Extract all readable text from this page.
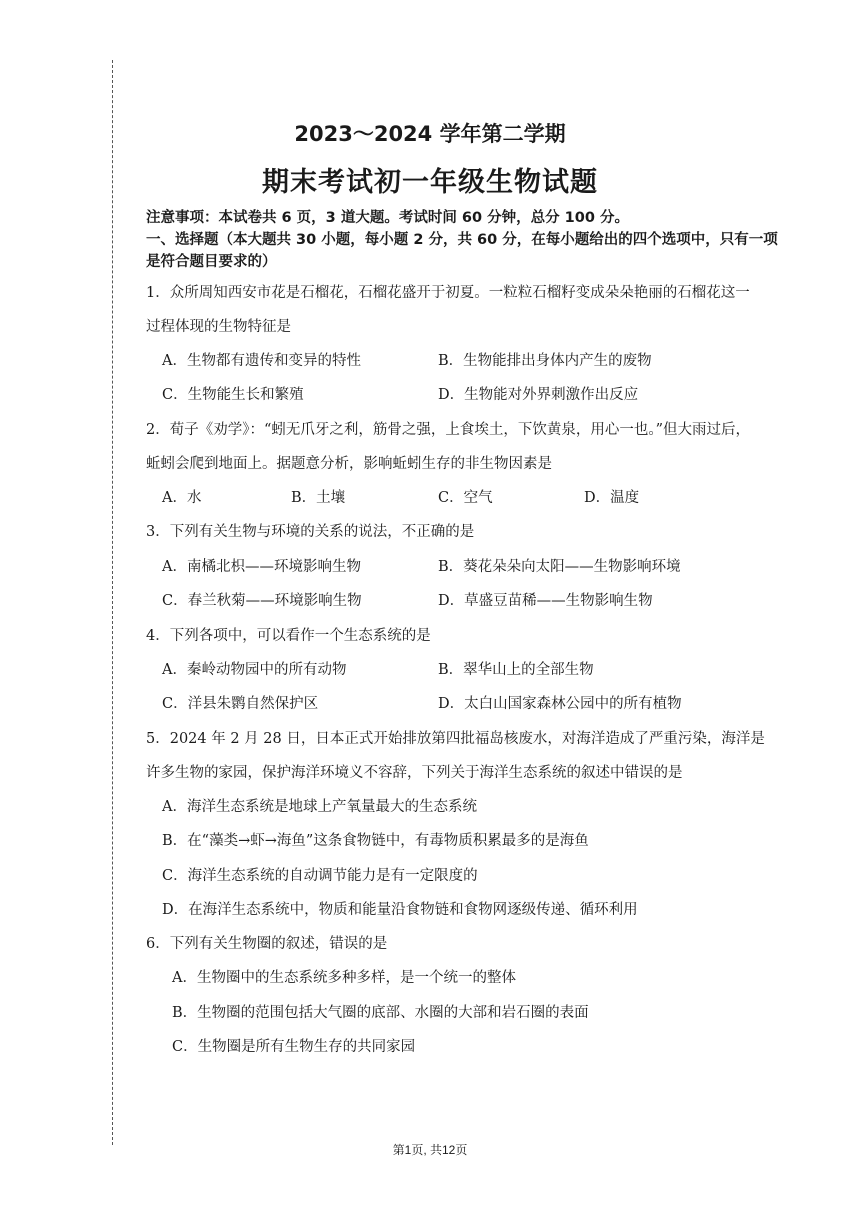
2023～2024 学年第二学期
期末考试初一年级生物试题
注意事项：本试卷共 6 页，3 道大题。考试时间 60 分钟，总分 100 分。
一、选择题（本大题共 30 小题，每小题 2 分，共 60 分，在每小题给出的四个选项中，只有一项
是符合题目要求的）
1．众所周知西安市花是石榴花，石榴花盛开于初夏。一粒粒石榴籽变成朵朵艳丽的石榴花这一
过程体现的生物特征是
A．生物都有遗传和变异的特性	B．生物能排出身体内产生的废物
C．生物能生长和繁殖	D．生物能对外界刺激作出反应
2．荀子《劝学》：“蚓无爪牙之利，筋骨之强，上食埃土，下饮黄泉，用心一也。”但大雨过后，
蚯蚓会爬到地面上。据题意分析，影响蚯蚓生存的非生物因素是
A．水	B．土壤	C．空气	D．温度
3．下列有关生物与环境的关系的说法，不正确的是
A．南橘北枳——环境影响生物	B．葵花朵朵向太阳——生物影响环境
C．春兰秋菊——环境影响生物	D．草盛豆苗稀——生物影响生物
4．下列各项中，可以看作一个生态系统的是
A．秦岭动物园中的所有动物	B．翠华山上的全部生物
C．洋县朱鹮自然保护区	D．太白山国家森林公园中的所有植物
5．2024 年 2 月 28 日，日本正式开始排放第四批福岛核废水，对海洋造成了严重污染，海洋是
许多生物的家园，保护海洋环境义不容辞，下列关于海洋生态系统的叙述中错误的是
A．海洋生态系统是地球上产氧量最大的生态系统
B．在“藻类→虾→海鱼”这条食物链中，有毒物质积累最多的是海鱼
C．海洋生态系统的自动调节能力是有一定限度的
D．在海洋生态系统中，物质和能量沿食物链和食物网逐级传递、循环利用
6．下列有关生物圈的叙述，错误的是
A．生物圈中的生态系统多种多样，是一个统一的整体
B．生物圈的范围包括大气圈的底部、水圈的大部和岩石圈的表面
C．生物圈是所有生物生存的共同家园
第1页, 共12页
